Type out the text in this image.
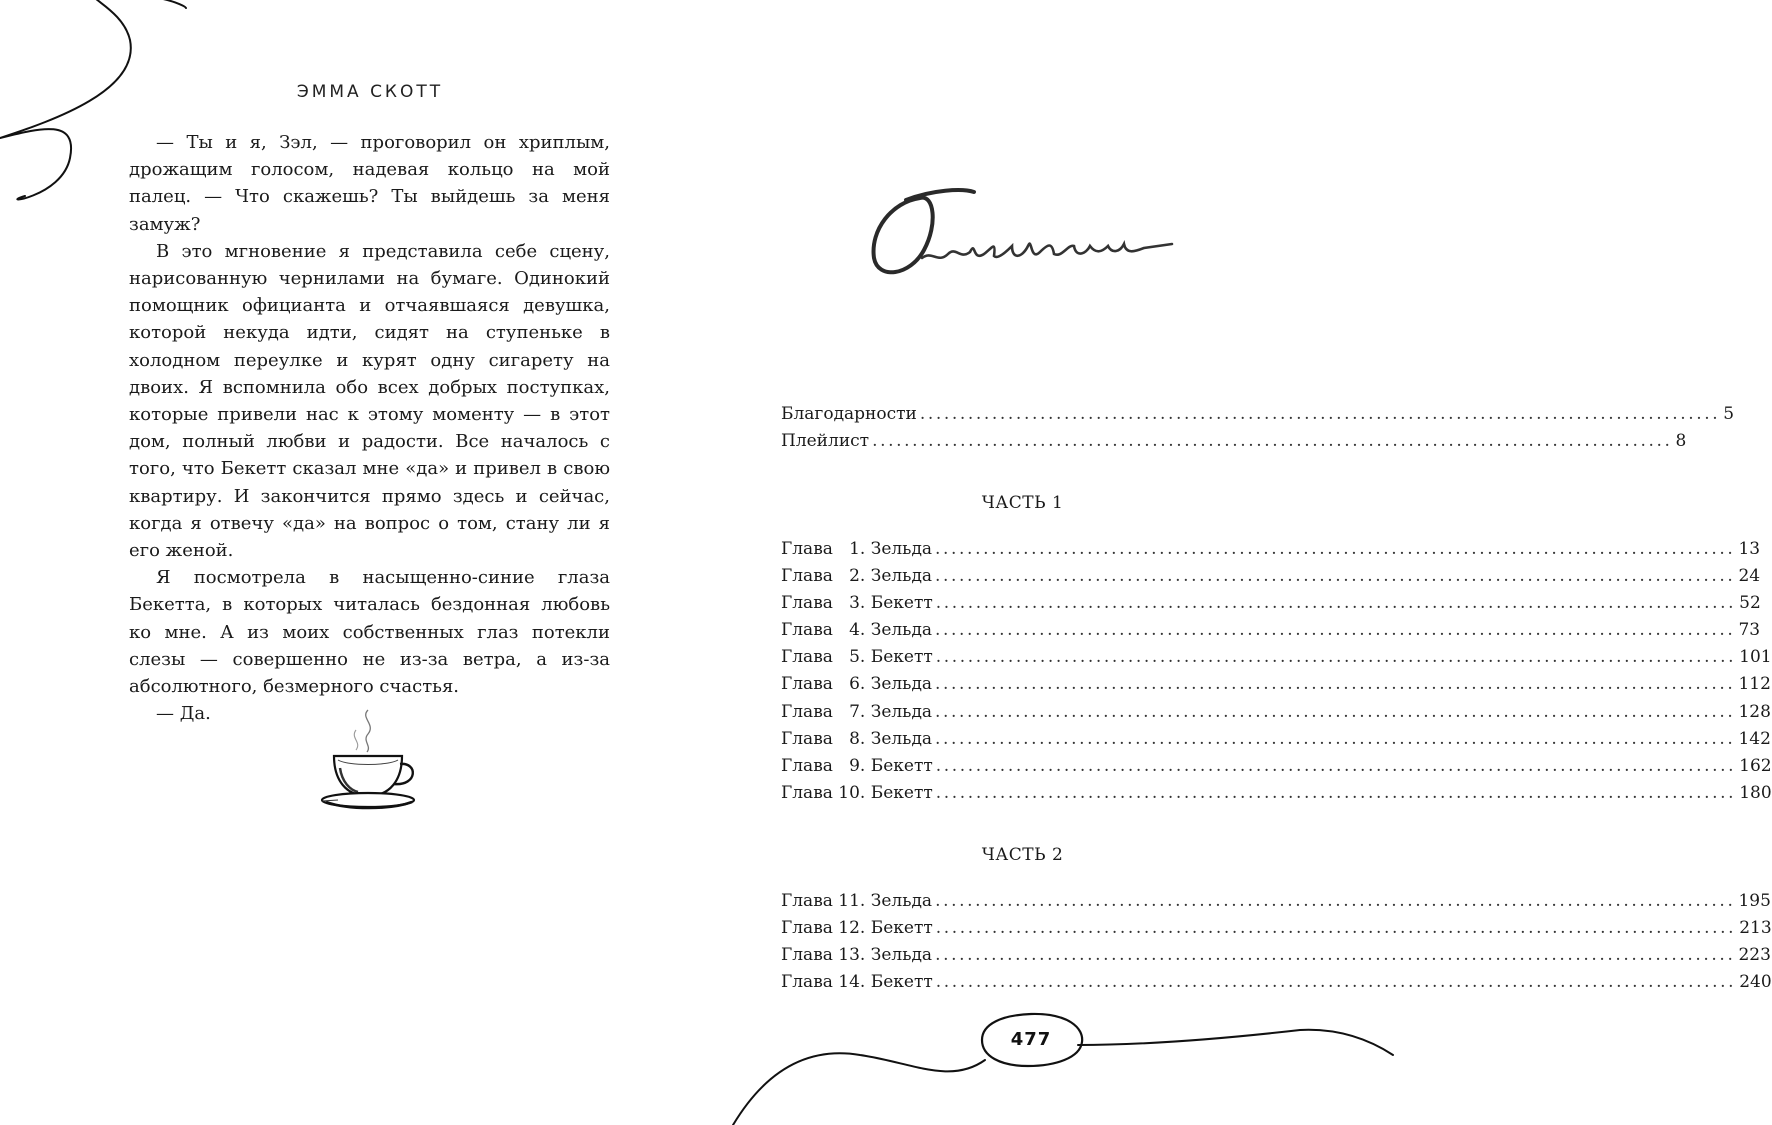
ЭММА СКОТТ

— Ты и я, Зэл, — проговорил он хриплым, дрожащим голосом, надевая кольцо на мой палец. — Что скажешь? Ты выйдешь за меня замуж?

В это мгновение я представила себе сцену, нарисованную чернилами на бумаге. Одинокий помощник официанта и отчаявшаяся девушка, которой некуда идти, сидят на ступеньке в холодном переулке и курят одну сигарету на двоих. Я вспомнила обо всех добрых поступках, которые привели нас к этому моменту — в этот дом, полный любви и радости. Все началось с того, что Бекетт сказал мне «да» и привел в свою квартиру. И закончится прямо здесь и сейчас, когда я отвечу «да» на вопрос о том, стану ли я его женой.

Я посмотрела в насыщенно-синие глаза Бекетта, в которых читалась бездонная любовь ко мне. А из моих собственных глаз потекли слезы — совершенно не из-за ветра, а из-за абсолютного, безмерного счастья.

— Да.

Благодарности .................................................................................................... 5
Плейлист .................................................................................................... 8
ЧАСТЬ 1
Глава   1. Зельда .................................................................................................... 13
Глава   2. Зельда .................................................................................................... 24
Глава   3. Бекетт .................................................................................................... 52
Глава   4. Зельда .................................................................................................... 73
Глава   5. Бекетт .................................................................................................... 101
Глава   6. Зельда .................................................................................................... 112
Глава   7. Зельда .................................................................................................... 128
Глава   8. Зельда .................................................................................................... 142
Глава   9. Бекетт .................................................................................................... 162
Глава 10. Бекетт .................................................................................................... 180
ЧАСТЬ 2
Глава 11. Зельда .................................................................................................... 195
Глава 12. Бекетт .................................................................................................... 213
Глава 13. Зельда .................................................................................................... 223
Глава 14. Бекетт .................................................................................................... 240
477
